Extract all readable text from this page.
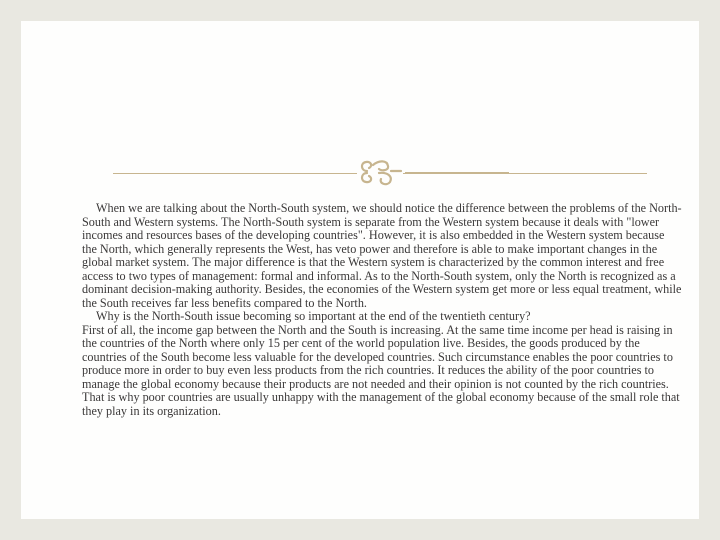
When we are talking about the North-South system, we should notice the difference between the problems of the North-South and Western systems. The North-South system is separate from the Western system because it deals with "lower incomes and resources bases of the developing countries". However, it is also embedded in the Western system because the North, which generally represents the West, has veto power and therefore is able to make important changes in the global market system. The major difference is that the Western system is characterized by the common interest and free access to two types of management: formal and informal. As to the North-South system, only the North is recognized as a dominant decision-making authority. Besides, the economies of the Western system get more or less equal treatment, while the South receives far less benefits compared to the North.

Why is the North-South issue becoming so important at the end of the twentieth century?

First of all, the income gap between the North and the South is increasing. At the same time income per head is raising in the countries of the North where only 15 per cent of the world population live. Besides, the goods produced by the countries of the South become less valuable for the developed countries. Such circumstance enables the poor countries to produce more in order to buy even less products from the rich countries. It reduces the ability of the poor countries to manage the global economy because their products are not needed and their opinion is not counted by the rich countries. That is why poor countries are usually unhappy with the management of the global economy because of the small role that they play in its organization.
